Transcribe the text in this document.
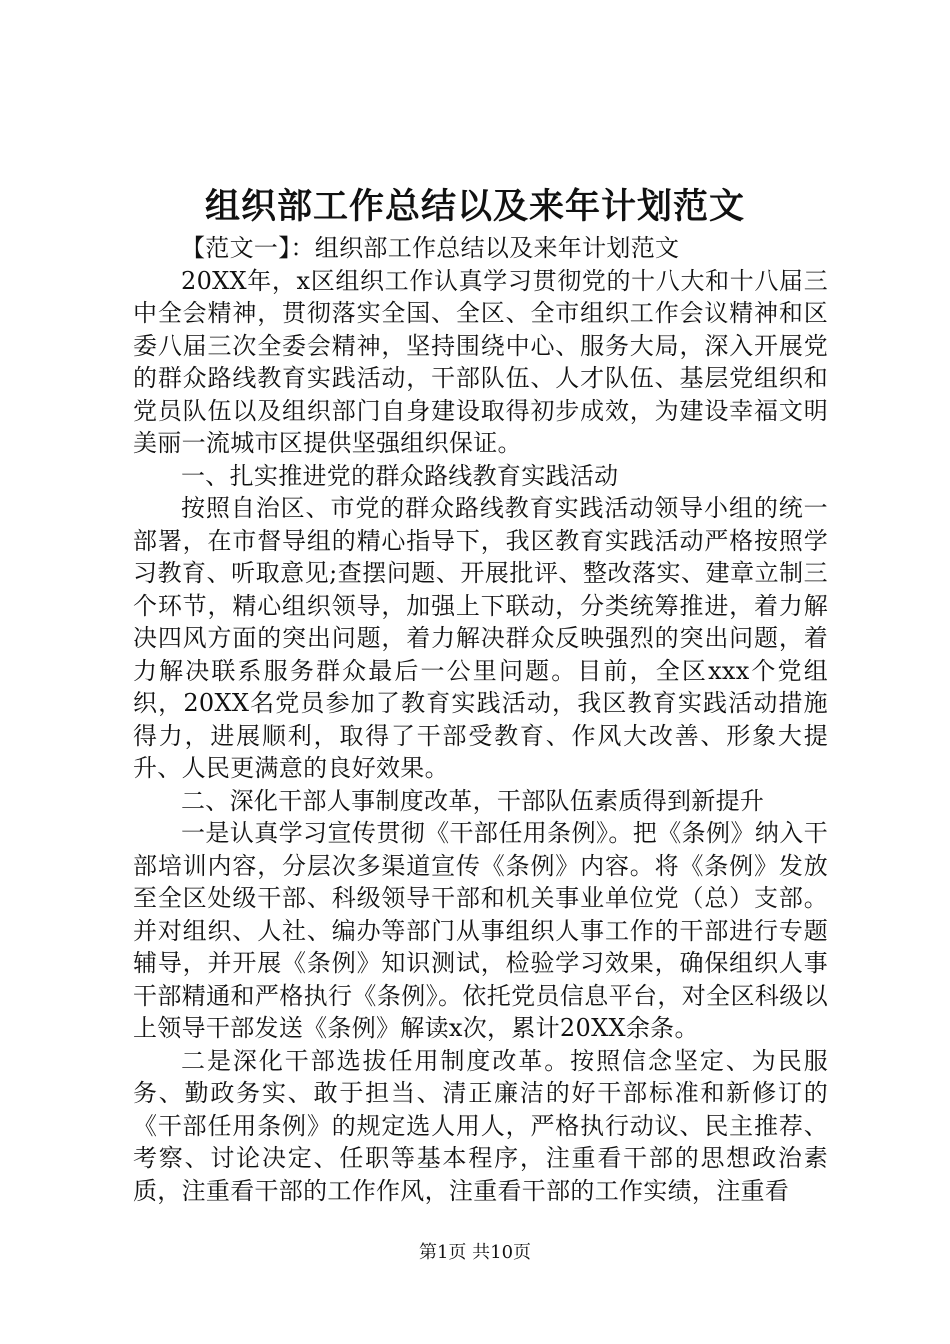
组织部工作总结以及来年计划范文

【范文一】：组织部工作总结以及来年计划范文

20XX年，x区组织工作认真学习贯彻党的十八大和十八届三中全会精神，贯彻落实全国、全区、全市组织工作会议精神和区委八届三次全委会精神，坚持围绕中心、服务大局，深入开展党的群众路线教育实践活动，干部队伍、人才队伍、基层党组织和党员队伍以及组织部门自身建设取得初步成效，为建设幸福文明美丽一流城市区提供坚强组织保证。

一、扎实推进党的群众路线教育实践活动

按照自治区、市党的群众路线教育实践活动领导小组的统一部署，在市督导组的精心指导下，我区教育实践活动严格按照学习教育、听取意见;查摆问题、开展批评、整改落实、建章立制三个环节，精心组织领导，加强上下联动，分类统筹推进，着力解决四风方面的突出问题，着力解决群众反映强烈的突出问题，着力解决联系服务群众最后一公里问题。目前，全区xxx个党组织，20XX名党员参加了教育实践活动，我区教育实践活动措施得力，进展顺利，取得了干部受教育、作风大改善、形象大提升、人民更满意的良好效果。

二、深化干部人事制度改革，干部队伍素质得到新提升

一是认真学习宣传贯彻《干部任用条例》。把《条例》纳入干部培训内容，分层次多渠道宣传《条例》内容。将《条例》发放至全区处级干部、科级领导干部和机关事业单位党（总）支部。并对组织、人社、编办等部门从事组织人事工作的干部进行专题辅导，并开展《条例》知识测试，检验学习效果，确保组织人事干部精通和严格执行《条例》。依托党员信息平台，对全区科级以上领导干部发送《条例》解读x次，累计20XX余条。

二是深化干部选拔任用制度改革。按照信念坚定、为民服务、勤政务实、敢于担当、清正廉洁的好干部标准和新修订的《干部任用条例》的规定选人用人，严格执行动议、民主推荐、考察、讨论决定、任职等基本程序，注重看干部的思想政治素质，注重看干部的工作作风，注重看干部的工作实绩，注重看

第1页 共10页
